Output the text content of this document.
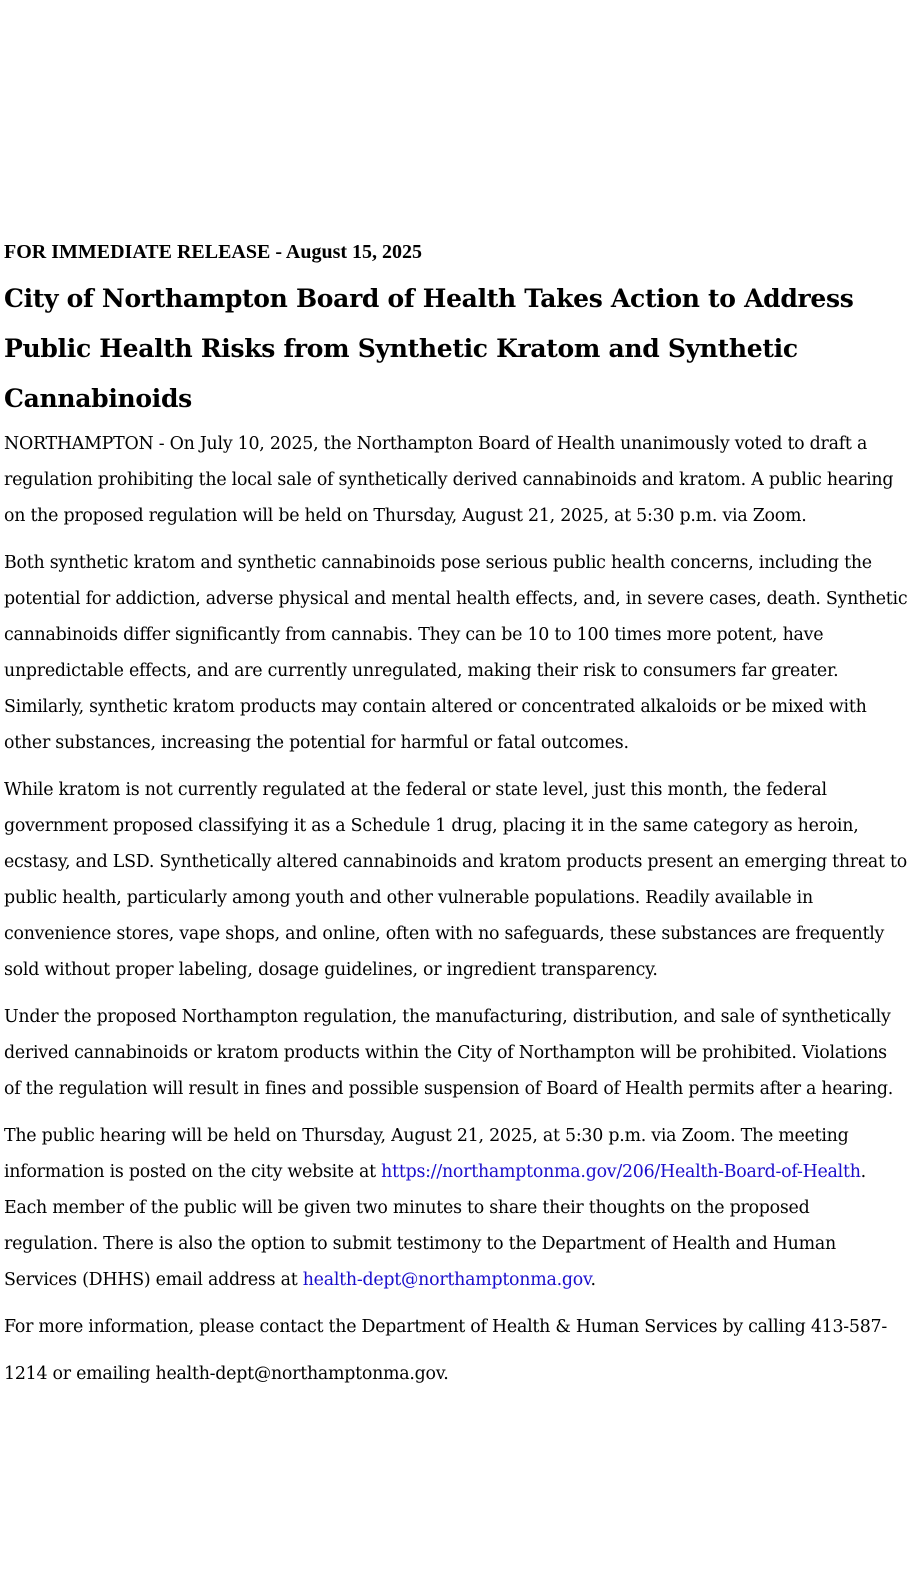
FOR IMMEDIATE RELEASE - August 15, 2025
City of Northampton Board of Health Takes Action to Address Public Health Risks from Synthetic Kratom and Synthetic Cannabinoids

NORTHAMPTON - On July 10, 2025, the Northampton Board of Health unanimously voted to draft a regulation prohibiting the local sale of synthetically derived cannabinoids and kratom. A public hearing on the proposed regulation will be held on Thursday, August 21, 2025, at 5:30 p.m. via Zoom.

Both synthetic kratom and synthetic cannabinoids pose serious public health concerns, including the potential for addiction, adverse physical and mental health effects, and, in severe cases, death. Synthetic cannabinoids differ significantly from cannabis. They can be 10 to 100 times more potent, have unpredictable effects, and are currently unregulated, making their risk to consumers far greater. Similarly, synthetic kratom products may contain altered or concentrated alkaloids or be mixed with other substances, increasing the potential for harmful or fatal outcomes.

While kratom is not currently regulated at the federal or state level, just this month, the federal government proposed classifying it as a Schedule 1 drug, placing it in the same category as heroin, ecstasy, and LSD. Synthetically altered cannabinoids and kratom products present an emerging threat to public health, particularly among youth and other vulnerable populations. Readily available in convenience stores, vape shops, and online, often with no safeguards, these substances are frequently sold without proper labeling, dosage guidelines, or ingredient transparency.

Under the proposed Northampton regulation, the manufacturing, distribution, and sale of synthetically derived cannabinoids or kratom products within the City of Northampton will be prohibited. Violations of the regulation will result in fines and possible suspension of Board of Health permits after a hearing.

The public hearing will be held on Thursday, August 21, 2025, at 5:30 p.m. via Zoom. The meeting information is posted on the city website at https://northamptonma.gov/206/Health-Board-of-Health. Each member of the public will be given two minutes to share their thoughts on the proposed regulation. There is also the option to submit testimony to the Department of Health and Human Services (DHHS) email address at health-dept@northamptonma.gov.

For more information, please contact the Department of Health & Human Services by calling 413-587-1214 or emailing health-dept@northamptonma.gov.
